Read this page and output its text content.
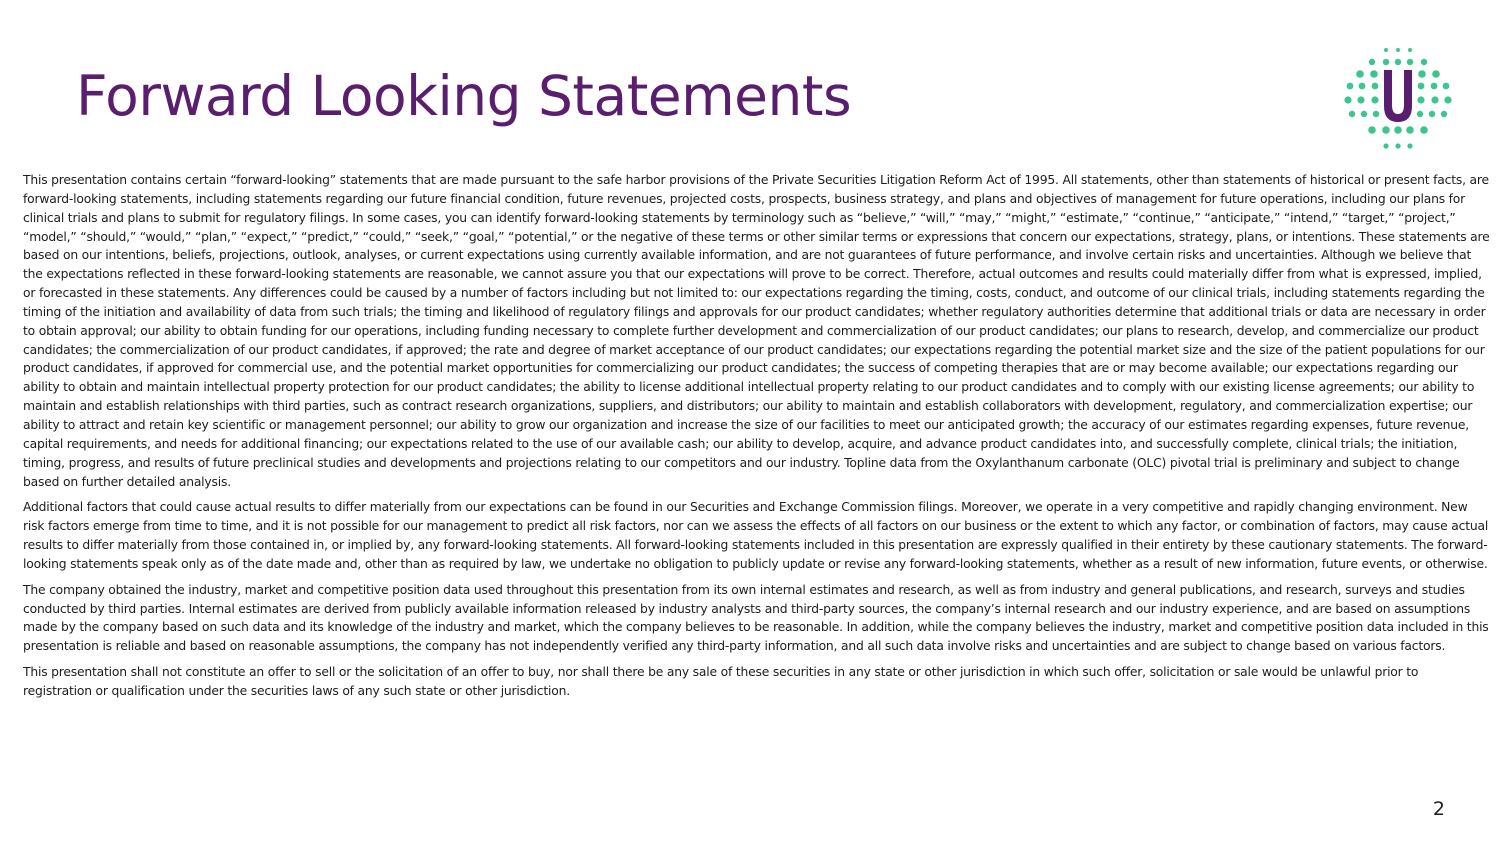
Forward Looking Statements

This presentation contains certain “forward-looking” statements that are made pursuant to the safe harbor provisions of the Private Securities Litigation Reform Act of 1995. All statements, other than statements of historical or present facts, are forward-looking statements, including statements regarding our future financial condition, future revenues, projected costs, prospects, business strategy, and plans and objectives of management for future operations, including our plans for clinical trials and plans to submit for regulatory filings. In some cases, you can identify forward-looking statements by terminology such as “believe,” “will,” “may,” “might,” “estimate,” “continue,” “anticipate,” “intend,” “target,” “project,” “model,” “should,” “would,” “plan,” “expect,” “predict,” “could,” “seek,” “goal,” “potential,” or the negative of these terms or other similar terms or expressions that concern our expectations, strategy, plans, or intentions. These statements are based on our intentions, beliefs, projections, outlook, analyses, or current expectations using currently available information, and are not guarantees of future performance, and involve certain risks and uncertainties. Although we believe that the expectations reflected in these forward-looking statements are reasonable, we cannot assure you that our expectations will prove to be correct. Therefore, actual outcomes and results could materially differ from what is expressed, implied, or forecasted in these statements. Any differences could be caused by a number of factors including but not limited to: our expectations regarding the timing, costs, conduct, and outcome of our clinical trials, including statements regarding the timing of the initiation and availability of data from such trials; the timing and likelihood of regulatory filings and approvals for our product candidates; whether regulatory authorities determine that additional trials or data are necessary in order to obtain approval; our ability to obtain funding for our operations, including funding necessary to complete further development and commercialization of our product candidates; our plans to research, develop, and commercialize our product candidates; the commercialization of our product candidates, if approved; the rate and degree of market acceptance of our product candidates; our expectations regarding the potential market size and the size of the patient populations for our product candidates, if approved for commercial use, and the potential market opportunities for commercializing our product candidates; the success of competing therapies that are or may become available; our expectations regarding our ability to obtain and maintain intellectual property protection for our product candidates; the ability to license additional intellectual property relating to our product candidates and to comply with our existing license agreements; our ability to maintain and establish relationships with third parties, such as contract research organizations, suppliers, and distributors; our ability to maintain and establish collaborators with development, regulatory, and commercialization expertise; our ability to attract and retain key scientific or management personnel; our ability to grow our organization and increase the size of our facilities to meet our anticipated growth; the accuracy of our estimates regarding expenses, future revenue, capital requirements, and needs for additional financing; our expectations related to the use of our available cash; our ability to develop, acquire, and advance product candidates into, and successfully complete, clinical trials; the initiation, timing, progress, and results of future preclinical studies and developments and projections relating to our competitors and our industry. Topline data from the Oxylanthanum carbonate (OLC) pivotal trial is preliminary and subject to change based on further detailed analysis.

Additional factors that could cause actual results to differ materially from our expectations can be found in our Securities and Exchange Commission filings. Moreover, we operate in a very competitive and rapidly changing environment. New risk factors emerge from time to time, and it is not possible for our management to predict all risk factors, nor can we assess the effects of all factors on our business or the extent to which any factor, or combination of factors, may cause actual results to differ materially from those contained in, or implied by, any forward-looking statements. All forward-looking statements included in this presentation are expressly qualified in their entirety by these cautionary statements. The forward-looking statements speak only as of the date made and, other than as required by law, we undertake no obligation to publicly update or revise any forward-looking statements, whether as a result of new information, future events, or otherwise.

The company obtained the industry, market and competitive position data used throughout this presentation from its own internal estimates and research, as well as from industry and general publications, and research, surveys and studies conducted by third parties. Internal estimates are derived from publicly available information released by industry analysts and third-party sources, the company’s internal research and our industry experience, and are based on assumptions made by the company based on such data and its knowledge of the industry and market, which the company believes to be reasonable. In addition, while the company believes the industry, market and competitive position data included in this presentation is reliable and based on reasonable assumptions, the company has not independently verified any third-party information, and all such data involve risks and uncertainties and are subject to change based on various factors.

This presentation shall not constitute an offer to sell or the solicitation of an offer to buy, nor shall there be any sale of these securities in any state or other jurisdiction in which such offer, solicitation or sale would be unlawful prior to registration or qualification under the securities laws of any such state or other jurisdiction.

2
